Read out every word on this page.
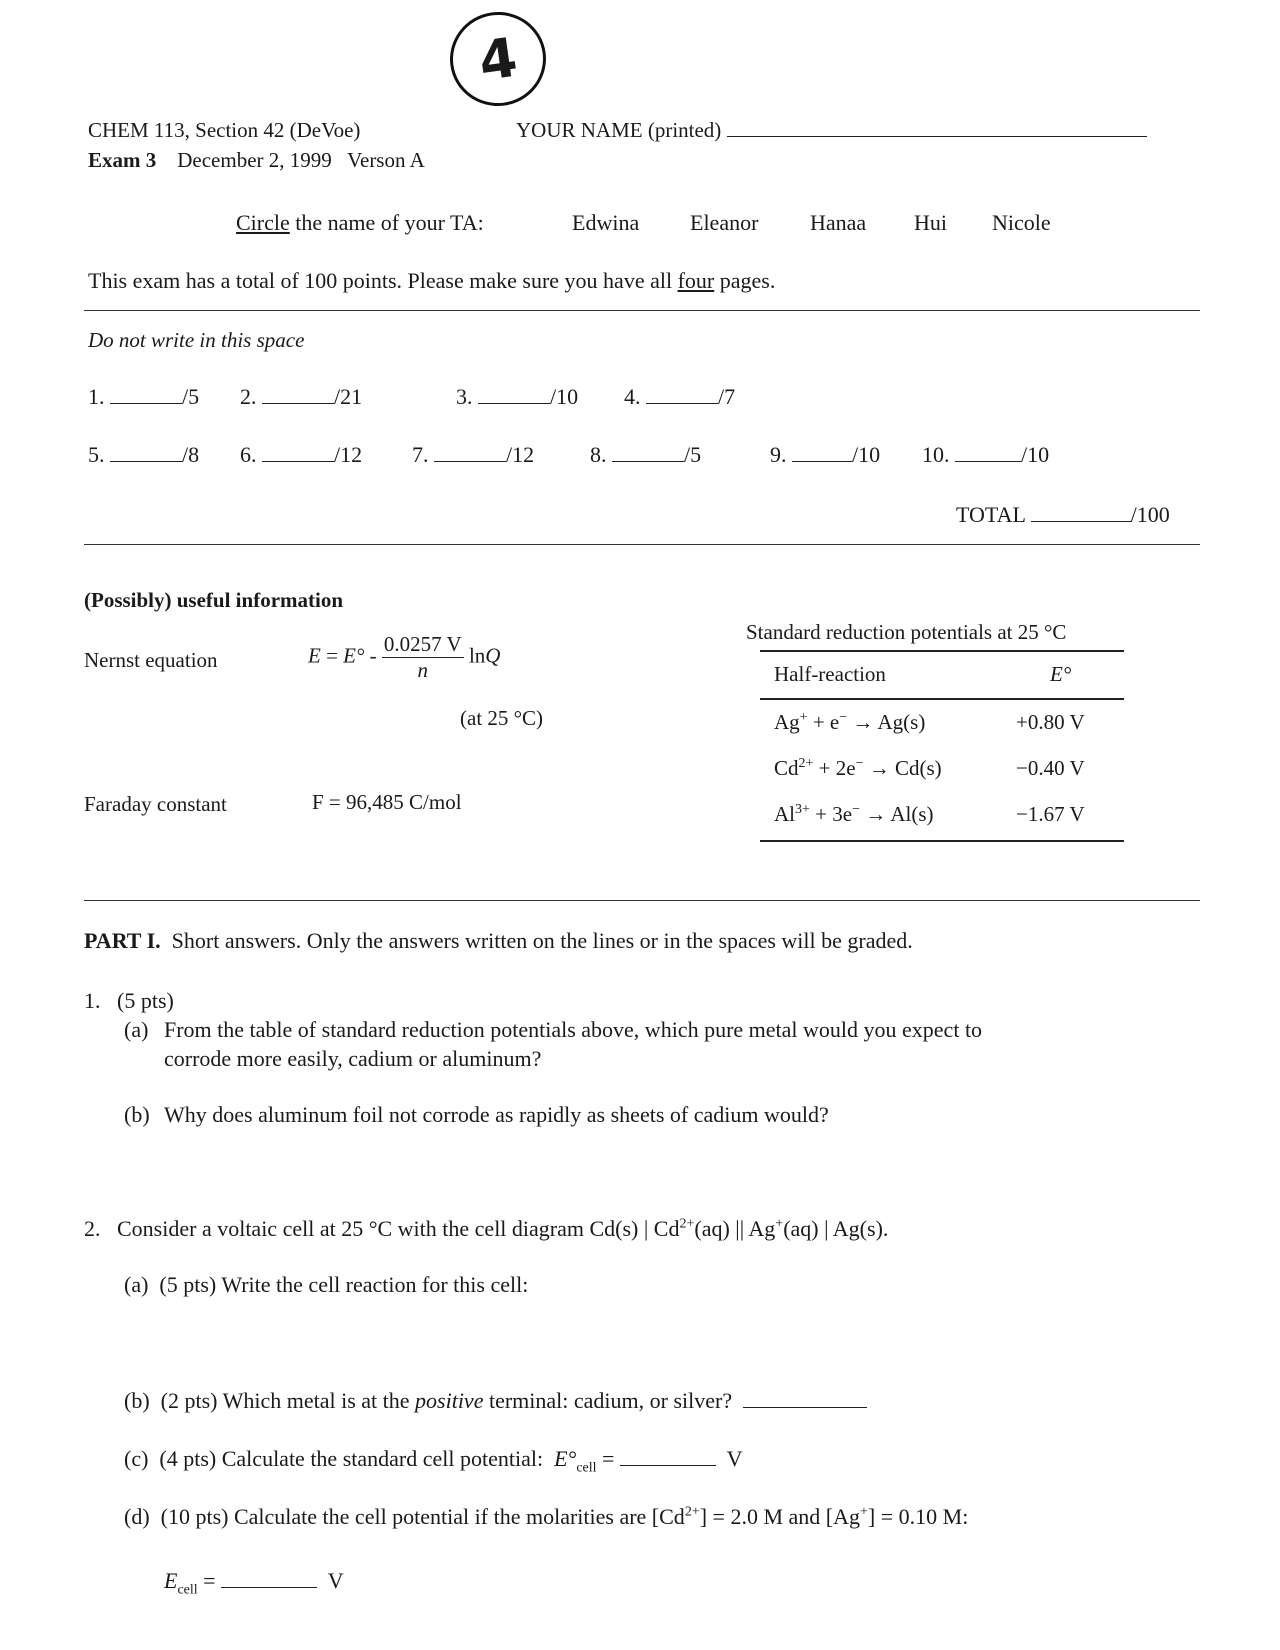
4
CHEM 113, Section 42 (DeVoe)	YOUR NAME (printed)
Exam 3 December 2, 1999 Verson A
Circle the name of your TA:	Edwina Eleanor Hanaa Hui Nicole
This exam has a total of 100 points. Please make sure you have all four pages.
Do not write in this space
1.	/5 2.	/21	3.	/10 4.	/7
5.	/8 6.	/12 7.	/12	8.	/5	9.	/10 10.	/10
TOTAL	/100
(Possibly) useful information
Nernst equation	$E = E^\circ - \frac{0.0257 V}{n}$ lnQ
(at 25 °C)
Faraday constant	F = 96,485 C/mol
Standard reduction potentials at 25 °C
Half-reaction	E°
Ag+ + e− → Ag(s)	+0.80 V
$Cd^{2+} + 2e^- \to Cd(s)$	−0.40 V
$Al^{3+} + 3e^- \to Al(s)$	−1.67 V
PART I. Short answers. Only the answers written on the lines or in the spaces will be graded.
1. (5 pts)
(a) From the table of standard reduction potentials above, which pure metal would you expect to
corrode more easily, cadium or aluminum?
(b) Why does aluminum foil not corrode as rapidly as sheets of cadium would?
2. Consider a voltaic cell at 25 °C with the cell diagram Cd(s) | $Cd^{2+}(aq)$ || Ag+(aq) | Ag(s).
(a) (5 pts) Write the cell reaction for this cell:
(b) (2 pts) Which metal is at the positive terminal: cadium, or silver?
(c) (4 pts) Calculate the standard cell potential: $E^\circ_{cell}$ =	V
(d) (10 pts) Calculate the cell potential if the molarities are $[Cd^{2+}] = 2.0$ M and [Ag+] = 0.10 M:
$E_{cell}$ =	V
